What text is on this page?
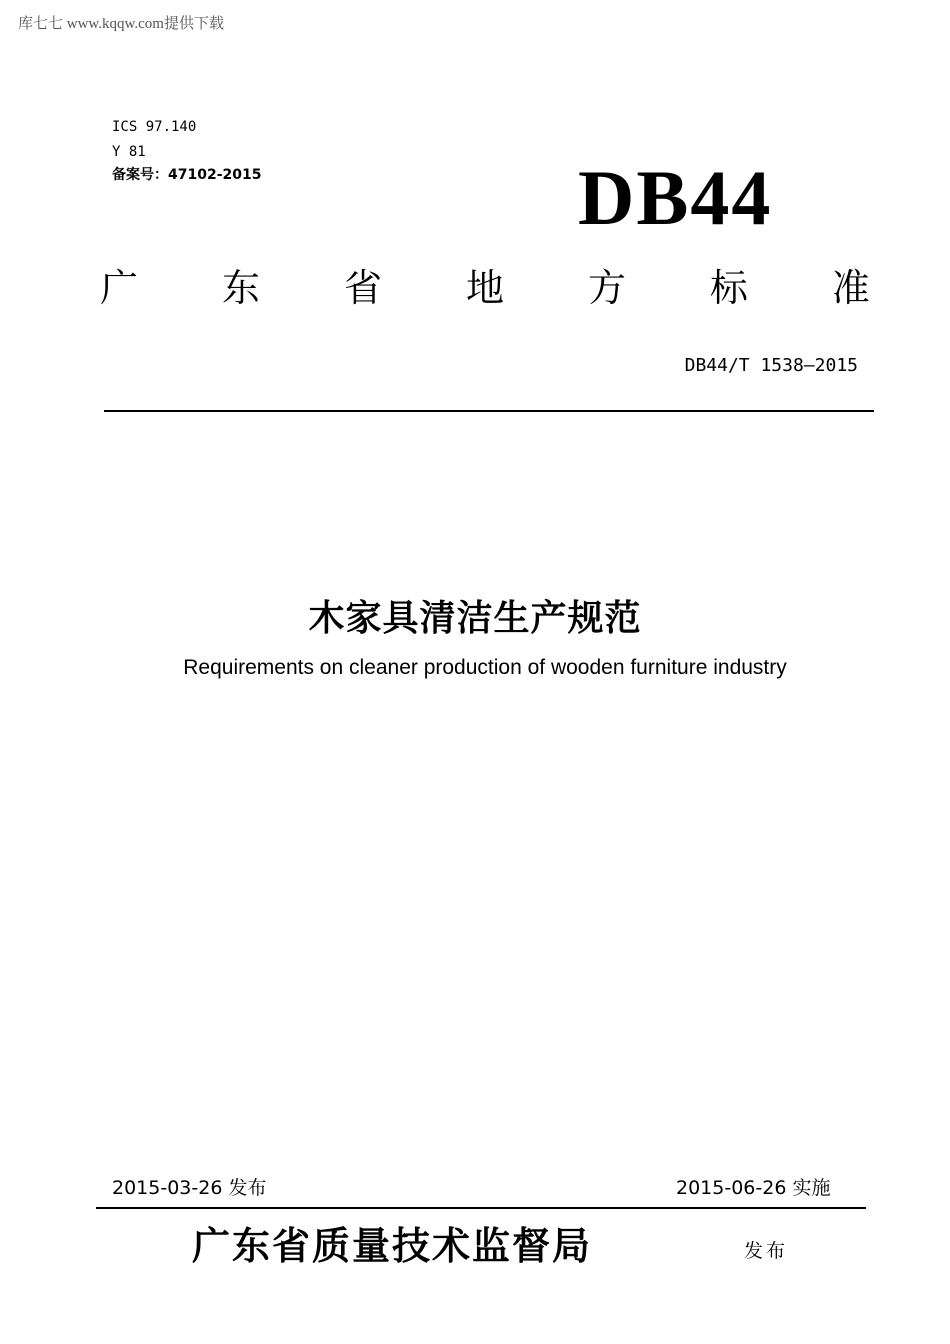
库七七 www.kqqw.com提供下载
ICS 97.140
Y 81
备案号：47102-2015	DB44
广 东 省 地 方 标 准
DB44/T 1538—2015
木家具清洁生产规范
Requirements on cleaner production of wooden furniture industry
2015-03-26 发布	2015-06-26 实施
广东省质量技术监督局	发布
